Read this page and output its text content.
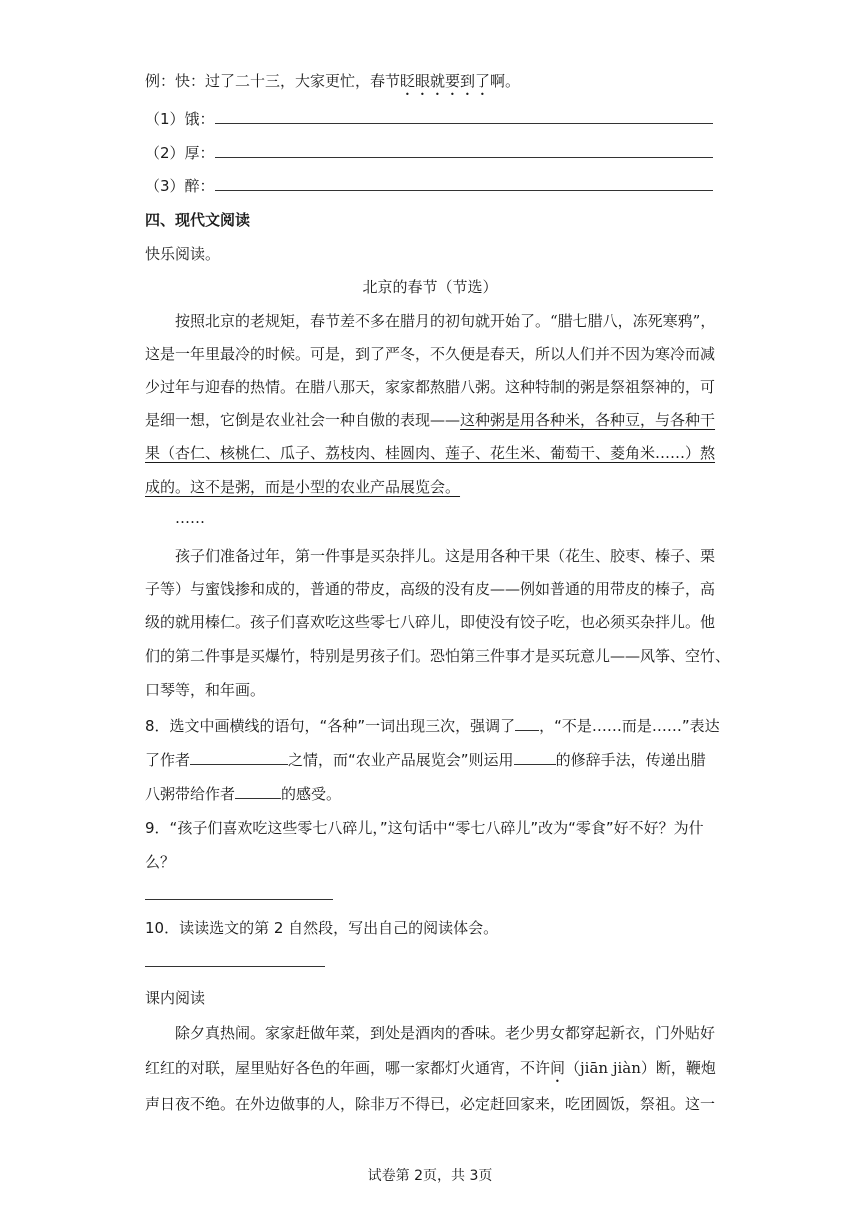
例：快：过了二十三，大家更忙，春节眨眼就要到了啊。
（1）饿：
（2）厚：
（3）醉：
四、现代文阅读
快乐阅读。
北京的春节（节选）
按照北京的老规矩，春节差不多在腊月的初旬就开始了。“腊七腊八，冻死寒鸦”，
这是一年里最冷的时候。可是，到了严冬，不久便是春天，所以人们并不因为寒冷而减
少过年与迎春的热情。在腊八那天，家家都熬腊八粥。这种特制的粥是祭祖祭神的，可
是细一想，它倒是农业社会一种自傲的表现——这种粥是用各种米，各种豆，与各种干
果（杏仁、核桃仁、瓜子、荔枝肉、桂圆肉、莲子、花生米、葡萄干、菱角米……）熬
成的。这不是粥，而是小型的农业产品展览会。
……
孩子们准备过年，第一件事是买杂拌儿。这是用各种干果（花生、胶枣、榛子、栗
子等）与蜜饯掺和成的，普通的带皮，高级的没有皮——例如普通的用带皮的榛子，高
级的就用榛仁。孩子们喜欢吃这些零七八碎儿，即使没有饺子吃，也必须买杂拌儿。他
们的第二件事是买爆竹，特别是男孩子们。恐怕第三件事才是买玩意儿——风筝、空竹、
口琴等，和年画。
8．选文中画横线的语句，“各种”一词出现三次，强调了 ，“不是……而是……”表达
了作者	之情，而“农业产品展览会”则运用	的修辞手法，传递出腊
八粥带给作者	的感受。
9．“孩子们喜欢吃这些零七八碎儿，”这句话中“零七八碎儿”改为“零食”好不好？为什
么？
10．读读选文的第 2 自然段，写出自己的阅读体会。
课内阅读
除夕真热闹。家家赶做年菜，到处是酒肉的香味。老少男女都穿起新衣，门外贴好
红红的对联，屋里贴好各色的年画，哪一家都灯火通宵，不许间（jiān jiàn）断，鞭炮
声日夜不绝。在外边做事的人，除非万不得已，必定赶回家来，吃团圆饭，祭祖。这一
试卷第 2页，共 3页
